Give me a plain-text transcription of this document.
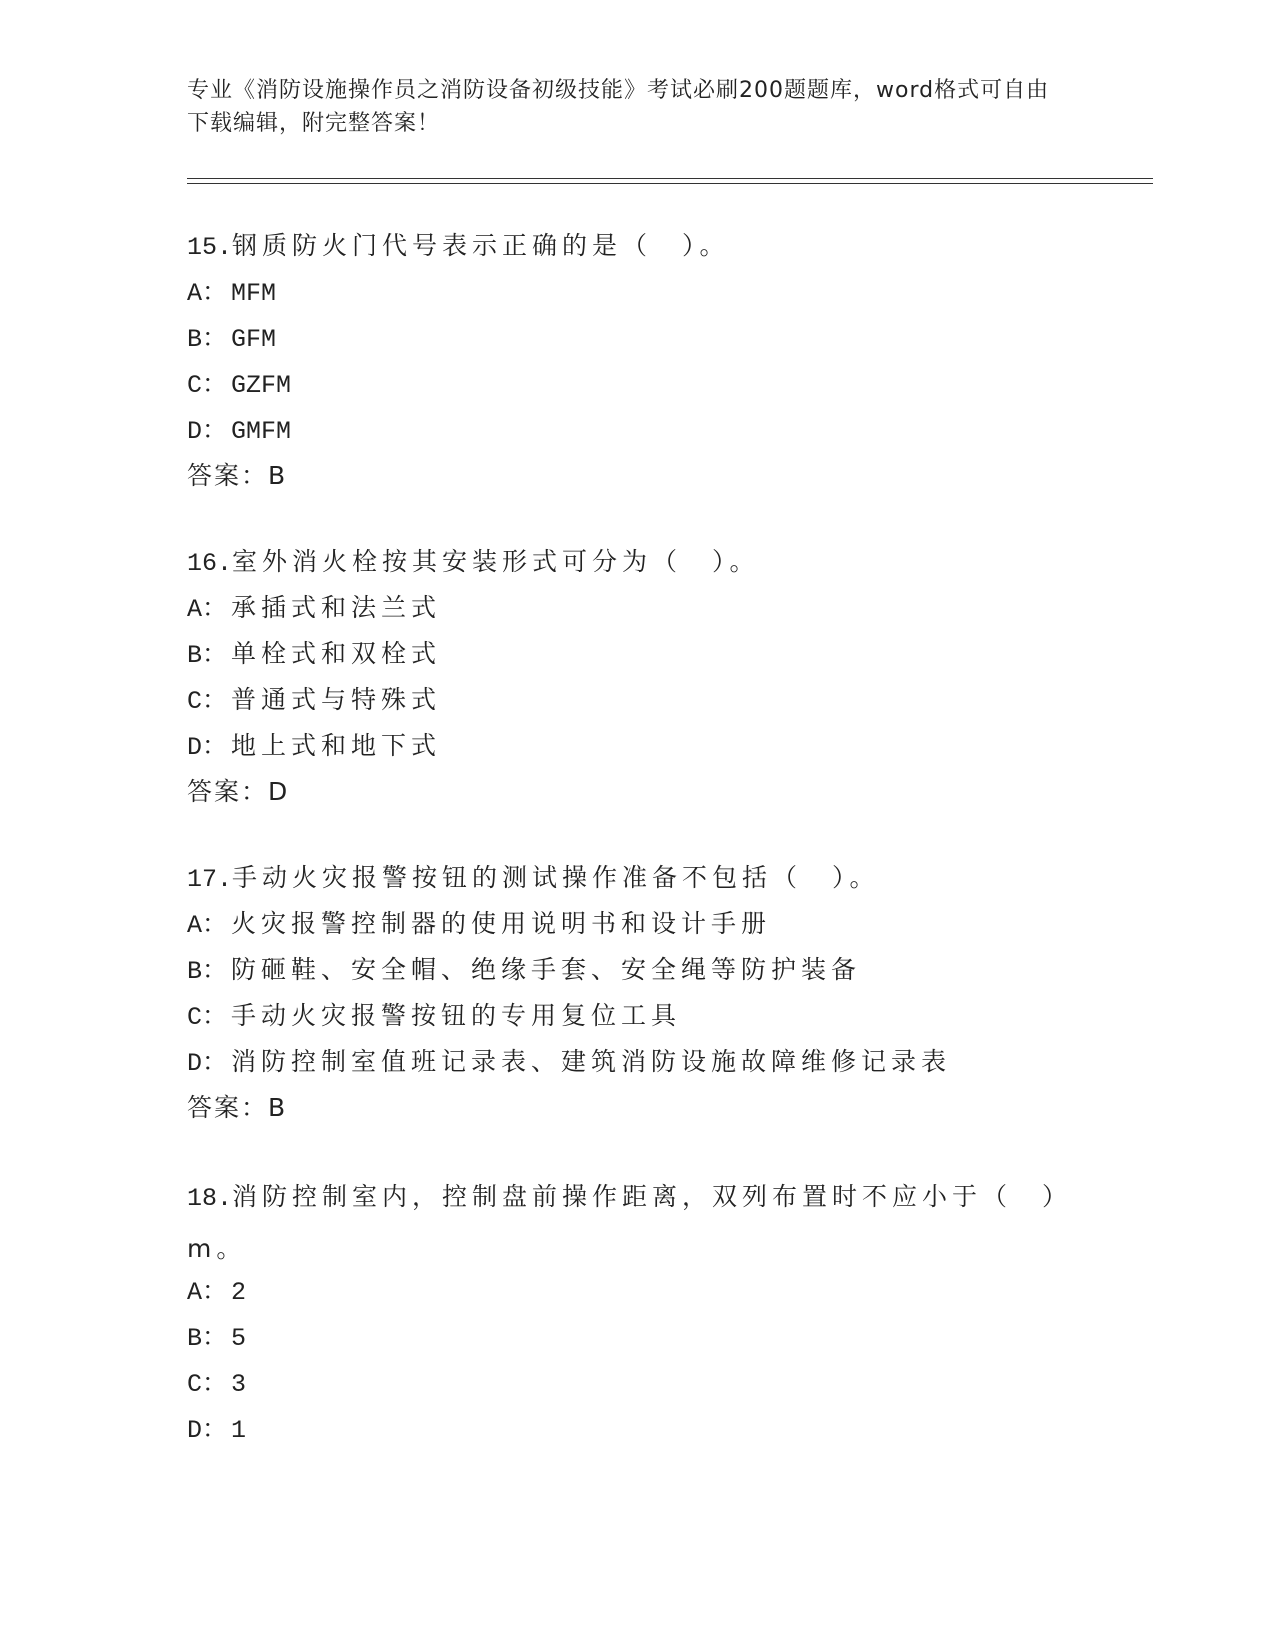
专业《消防设施操作员之消防设备初级技能》考试必刷200题题库，word格式可自由下载编辑，附完整答案！
15.钢质防火门代号表示正确的是（　）。
A： MFM
B： GFM
C： GZFM
D： GMFM
答案：B
16.室外消火栓按其安装形式可分为（　）。
A： 承插式和法兰式
B： 单栓式和双栓式
C： 普通式与特殊式
D： 地上式和地下式
答案：D
17.手动火灾报警按钮的测试操作准备不包括（　）。
A： 火灾报警控制器的使用说明书和设计手册
B： 防砸鞋、安全帽、绝缘手套、安全绳等防护装备
C： 手动火灾报警按钮的专用复位工具
D： 消防控制室值班记录表、建筑消防设施故障维修记录表
答案：B
18.消防控制室内，控制盘前操作距离，双列布置时不应小于（　）m。
A： 2
B： 5
C： 3
D： 1
